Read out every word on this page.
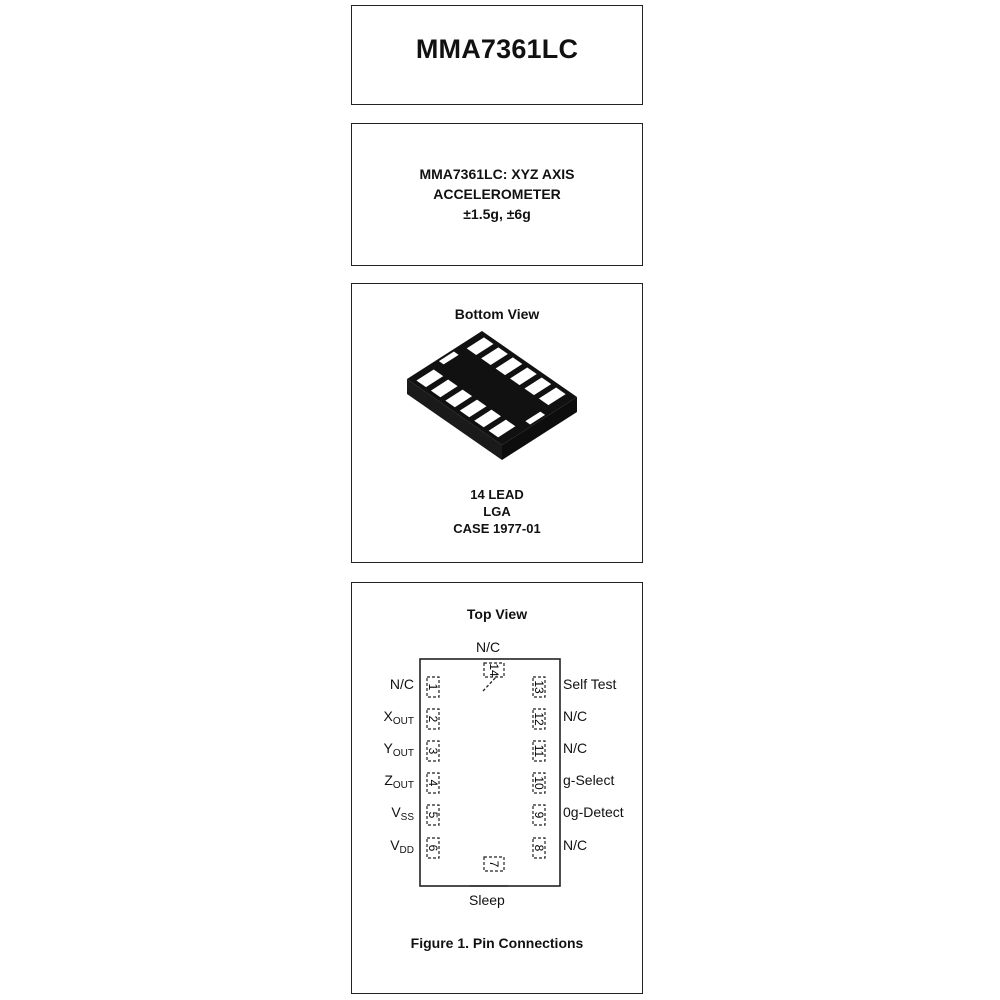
MMA7361LC
MMA7361LC: XYZ AXIS
ACCELEROMETER
±1.5g, ±6g
Bottom View
14 LEAD
LGA
CASE 1977-01
Top View
N/C
1
2
3
4
5
6
13
12
11
10
9
8
14
7
N/C
$X_{OUT}$
$Y_{OUT}$
$Z_{OUT}$
$V_{SS}$
$V_{DD}$
Self Test
N/C
N/C
g-Select
0g-Detect
N/C
Sleep
Figure 1. Pin Connections
